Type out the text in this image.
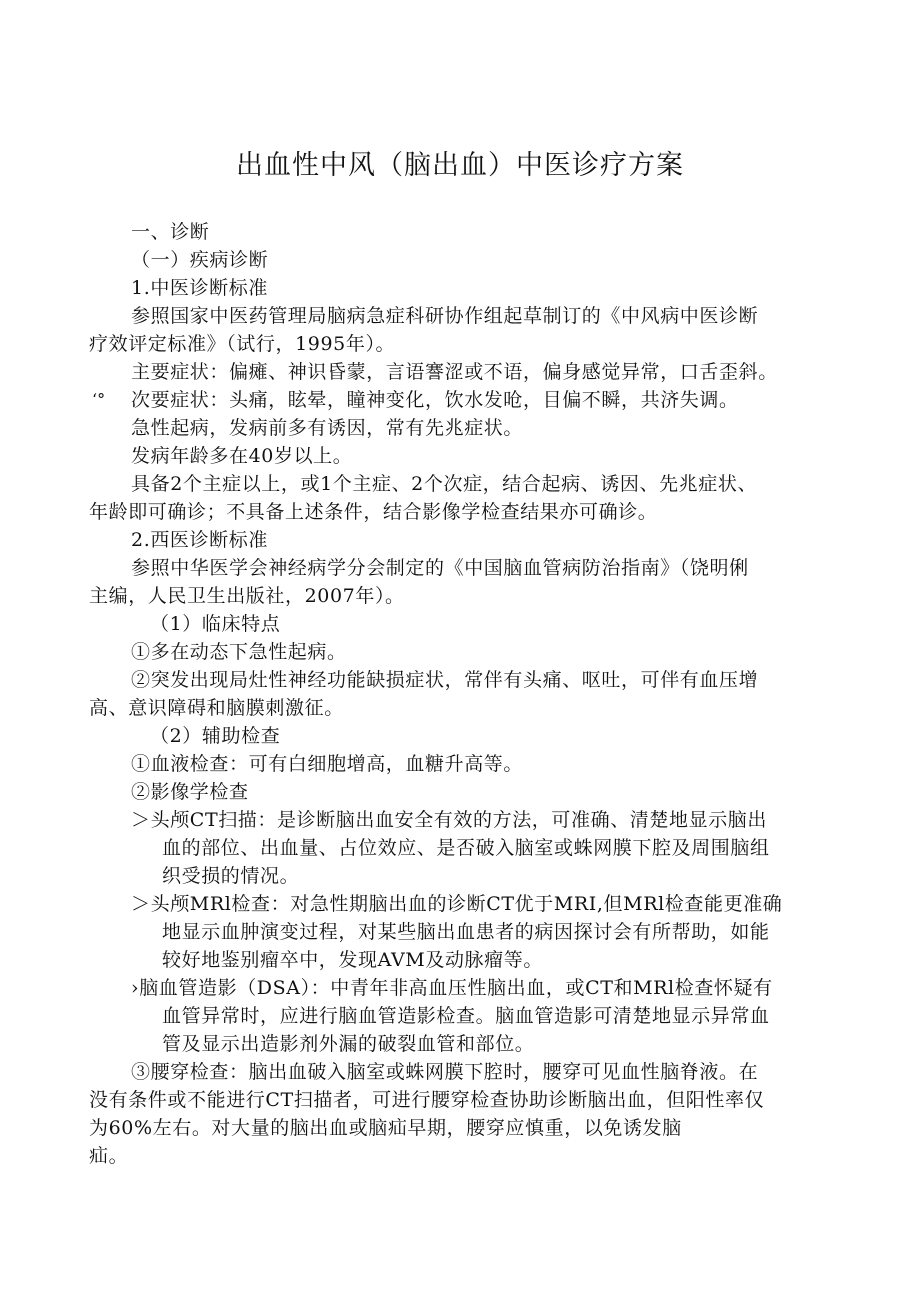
出血性中风（脑出血）中医诊疗方案
一、诊断
（一）疾病诊断
1.中医诊断标准
参照国家中医药管理局脑病急症科研协作组起草制订的《中风病中医诊断
疗效评定标准》（试行，1995年）。
主要症状：偏瘫、神识昏蒙，言语謇涩或不语，偏身感觉异常，口舌歪斜。
‘° 次要症状：头痛，眩晕，瞳神变化，饮水发呛，目偏不瞬，共济失调。
急性起病，发病前多有诱因，常有先兆症状。
发病年龄多在40岁以上。
具备2个主症以上，或1个主症、2个次症，结合起病、诱因、先兆症状、
年龄即可确诊；不具备上述条件，结合影像学检查结果亦可确诊。
2.西医诊断标准
参照中华医学会神经病学分会制定的《中国脑血管病防治指南》（饶明俐
主编，人民卫生出版社，2007年）。
（1）临床特点
①多在动态下急性起病。
②突发出现局灶性神经功能缺损症状，常伴有头痛、呕吐，可伴有血压增
高、意识障碍和脑膜刺激征。
（2）辅助检查
①血液检查：可有白细胞增高，血糖升高等。
②影像学检查
＞头颅CT扫描：是诊断脑出血安全有效的方法，可准确、清楚地显示脑出
血的部位、出血量、占位效应、是否破入脑室或蛛网膜下腔及周围脑组
织受损的情况。
＞头颅MRl检查：对急性期脑出血的诊断CT优于MRI,但MRl检查能更准确
地显示血肿演变过程，对某些脑出血患者的病因探讨会有所帮助，如能
较好地鉴别瘤卒中，发现AVM及动脉瘤等。
›脑血管造影（DSA）：中青年非高血压性脑出血，或CT和MRl检查怀疑有
血管异常时，应进行脑血管造影检查。脑血管造影可清楚地显示异常血
管及显示出造影剂外漏的破裂血管和部位。
③腰穿检查：脑出血破入脑室或蛛网膜下腔时，腰穿可见血性脑脊液。在
没有条件或不能进行CT扫描者，可进行腰穿检查协助诊断脑出血，但阳性率仅
为60%左右。对大量的脑出血或脑疝早期，腰穿应慎重，以免诱发脑
疝。
